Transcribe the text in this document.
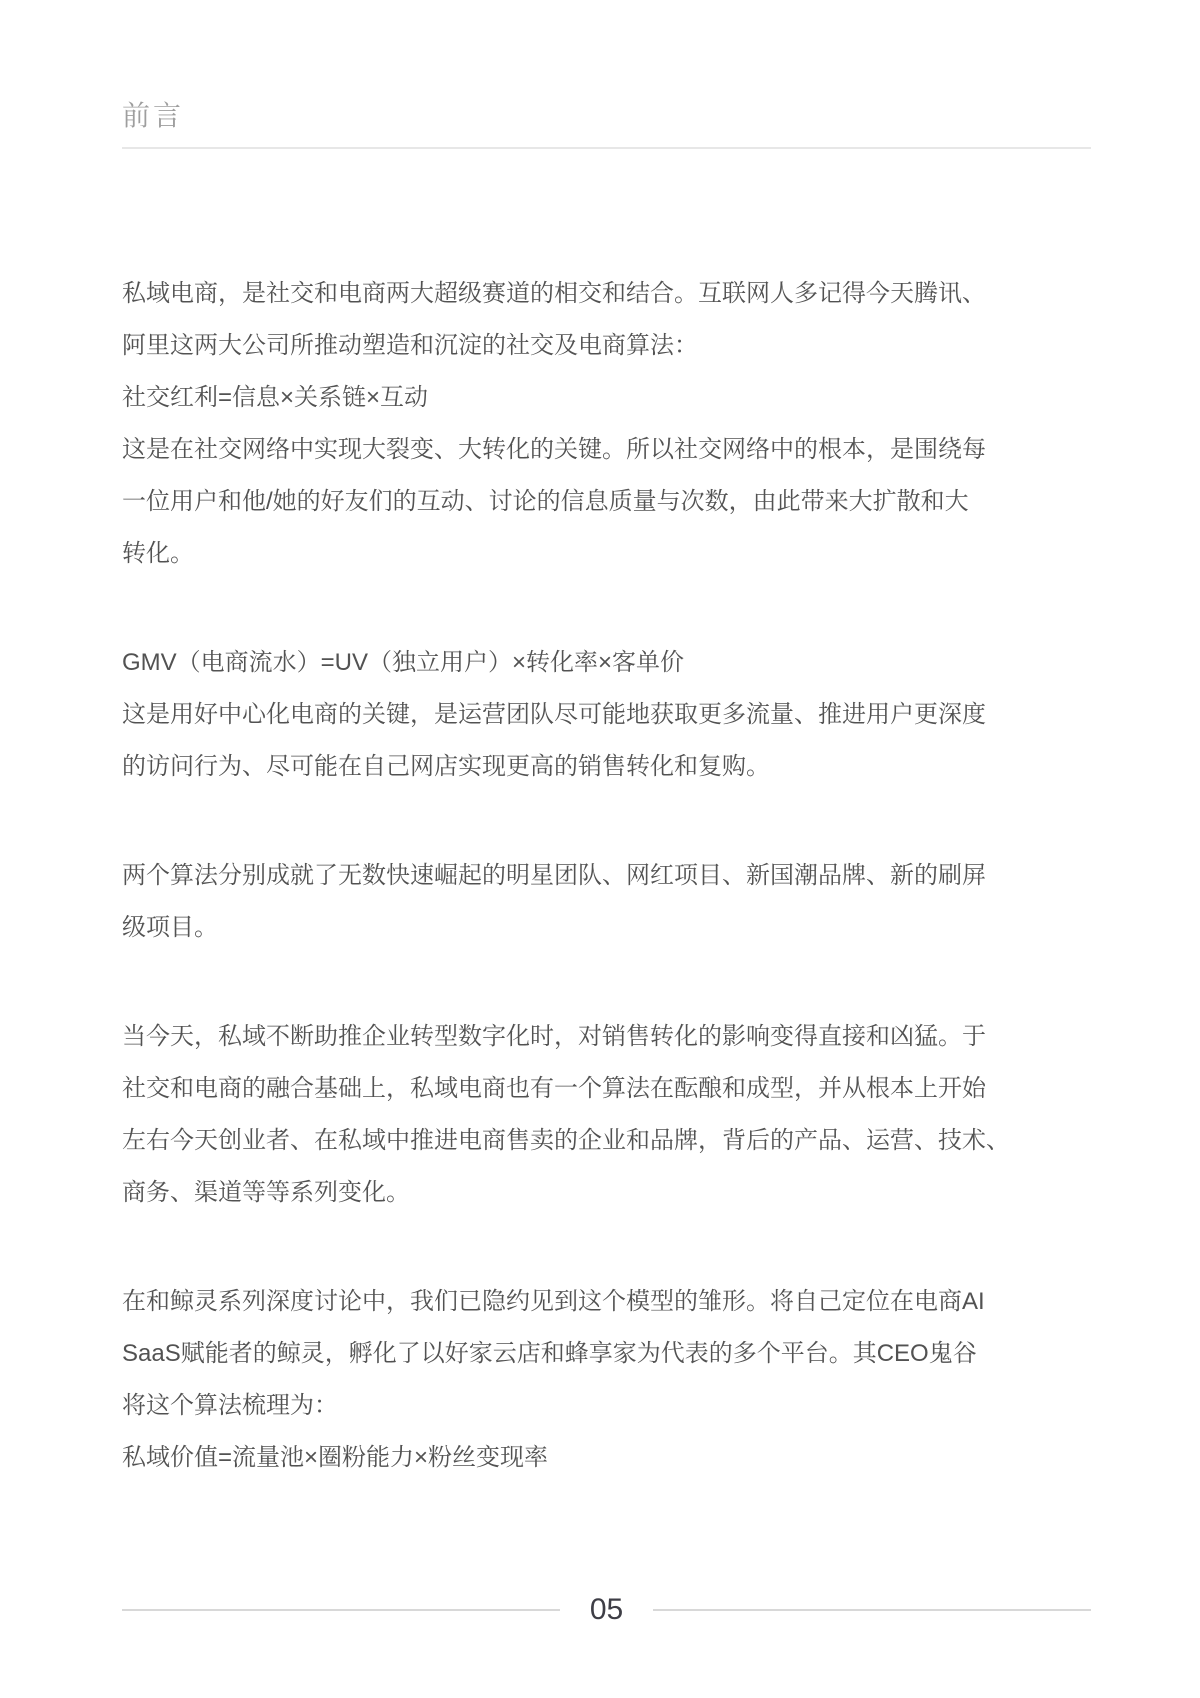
前言

私域电商，是社交和电商两大超级赛道的相交和结合。互联网人多记得今天腾讯、
阿里这两大公司所推动塑造和沉淀的社交及电商算法：
社交红利=信息×关系链×互动
这是在社交网络中实现大裂变、大转化的关键。所以社交网络中的根本，是围绕每
一位用户和他/她的好友们的互动、讨论的信息质量与次数，由此带来大扩散和大
转化。

GMV（电商流水）=UV（独立用户）×转化率×客单价
这是用好中心化电商的关键，是运营团队尽可能地获取更多流量、推进用户更深度
的访问行为、尽可能在自己网店实现更高的销售转化和复购。

两个算法分别成就了无数快速崛起的明星团队、网红项目、新国潮品牌、新的刷屏
级项目。

当今天，私域不断助推企业转型数字化时，对销售转化的影响变得直接和凶猛。于
社交和电商的融合基础上，私域电商也有一个算法在酝酿和成型，并从根本上开始
左右今天创业者、在私域中推进电商售卖的企业和品牌，背后的产品、运营、技术、
商务、渠道等等系列变化。

在和鲸灵系列深度讨论中，我们已隐约见到这个模型的雏形。将自己定位在电商AI
SaaS赋能者的鲸灵，孵化了以好家云店和蜂享家为代表的多个平台。其CEO鬼谷
将这个算法梳理为：
私域价值=流量池×圈粉能力×粉丝变现率

05
